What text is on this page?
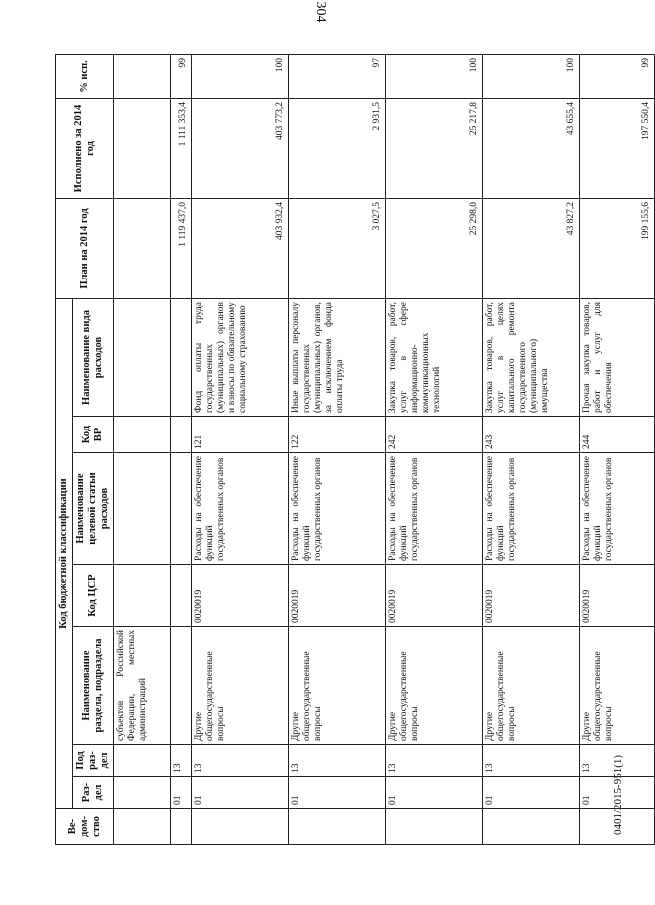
304
0401/2015-951(1)
Ве-дом-ство	Код бюджетной классификации							План на 2014 год	Исполнено за 2014 год	% исп.
	Раз-дел	Под раз-дел	Наименование раздела, подраздела	Код ЦСР	Наименование целевой статьи расходов	Код ВР	Наименование вида расходов			
			субъектов Российской Федерации, местных администраций							
	01	13						1 119 437,0	1 111 353,4	99
	01	13	Другие общегосударственные вопросы	0020019	Расходы на обеспечение функций государственных органов	121	Фонд оплаты труда государственных (муниципальных) органов и взносы по обязательному социальному страхованию	403 932,4	403 773,2	100
	01	13	Другие общегосударственные вопросы	0020019	Расходы на обеспечение функций государственных органов	122	Иные выплаты персоналу государственных (муниципальных) органов, за исключением фонда оплаты труда	3 027,5	2 931,5	97
	01	13	Другие общегосударственные вопросы	0020019	Расходы на обеспечение функций государственных органов	242	Закупка товаров, работ, услуг в сфере информационно-коммуникационных технологий	25 298,0	25 217,8	100
	01	13	Другие общегосударственные вопросы	0020019	Расходы на обеспечение функций государственных органов	243	Закупка товаров, работ, услуг в целях капитального ремонта государственного (муниципального) имущества	43 827,2	43 655,4	100
	01	13	Другие общегосударственные вопросы	0020019	Расходы на обеспечение функций государственных органов	244	Прочая закупка товаров, работ и услуг для обеспечения	199 155,6	197 550,4	99
